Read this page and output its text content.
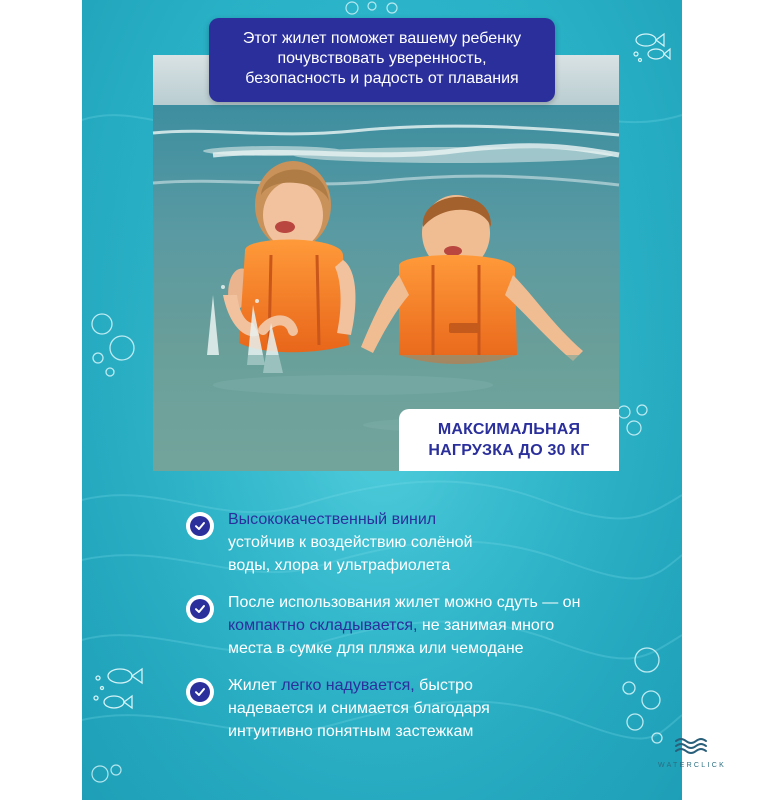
Этот жилет поможет вашему ребенку
почувствовать уверенность,
безопасность и радость от плавания
МАКСИМАЛЬНАЯ
НАГРУЗКА ДО 30 КГ
Высококачественный винил
устойчив к воздействию солёной
воды, хлора и ультрафиолета
После использования жилет можно сдуть — он
компактно складывается, не занимая много
места в сумке для пляжа или чемодане
Жилет легко надувается, быстро
надевается и снимается благодаря
интуитивно понятным застежкам
WATERCLICK
